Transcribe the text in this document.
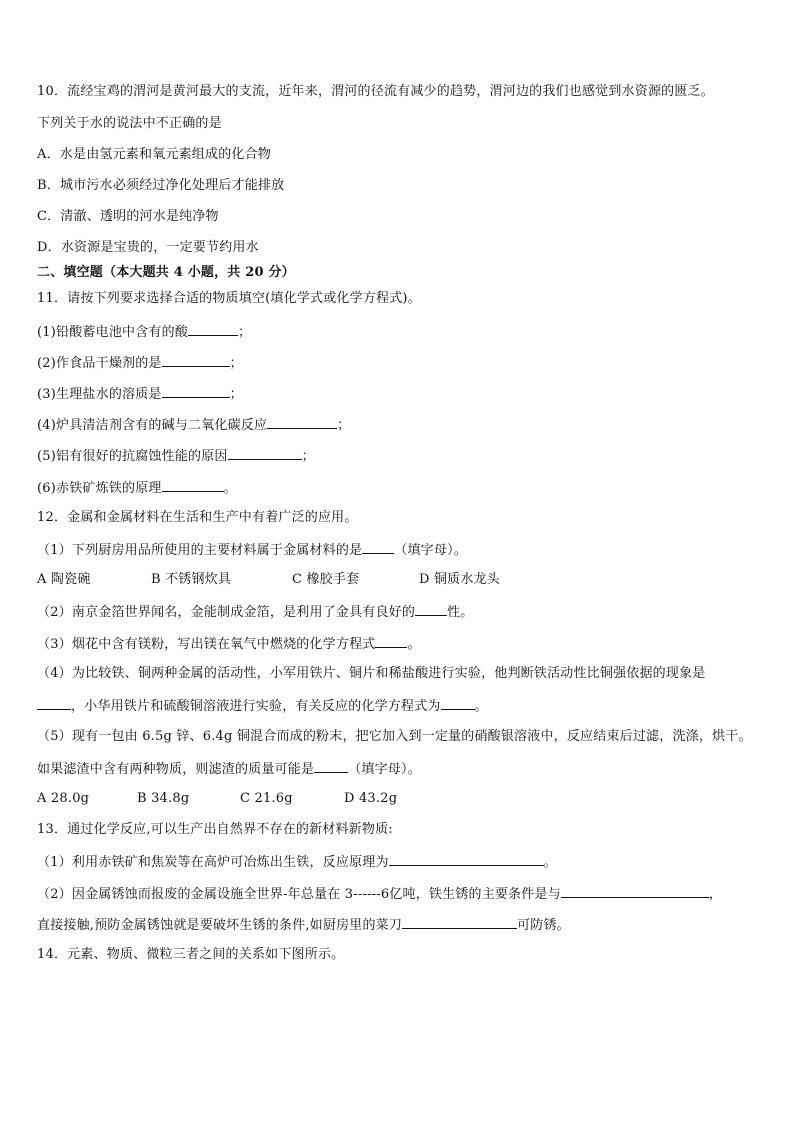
10．流经宝鸡的渭河是黄河最大的支流，近年来，渭河的径流有减少的趋势，渭河边的我们也感觉到水资源的匮乏。
下列关于水的说法中不正确的是
A．水是由氢元素和氧元素组成的化合物
B．城市污水必须经过净化处理后才能排放
C．清澈、透明的河水是纯净物
D．水资源是宝贵的，一定要节约用水
二、填空题（本大题共 4 小题，共 20 分）
11．请按下列要求选择合适的物质填空(填化学式或化学方程式)。
(1)铅酸蓄电池中含有的酸	；
(2)作食品干燥剂的是	；
(3)生理盐水的溶质是	；
(4)炉具清洁剂含有的碱与二氧化碳反应	；
(5)铝有很好的抗腐蚀性能的原因	；
(6)赤铁矿炼铁的原理	。
12．金属和金属材料在生活和生产中有着广泛的应用。
（1）下列厨房用品所使用的主要材料属于金属材料的是 （填字母）。
A 陶瓷碗	B 不锈钢炊具	C 橡胶手套	D 铜质水龙头
（2）南京金箔世界闻名，金能制成金箔，是利用了金具有良好的 性。
（3）烟花中含有镁粉，写出镁在氧气中燃烧的化学方程式 。
（4）为比较铁、铜两种金属的活动性，小军用铁片、铜片和稀盐酸进行实验，他判断铁活动性比铜强依据的现象是
，小华用铁片和硫酸铜溶液进行实验，有关反应的化学方程式为	。
（5）现有一包由 6.5g 锌、6.4g 铜混合而成的粉末，把它加入到一定量的硝酸银溶液中，反应结束后过滤，洗涤，烘干。
如果滤渣中含有两种物质，则滤渣的质量可能是	（填字母）。
A 28.0g	B 34.8g	C 21.6g	D 43.2g
13．通过化学反应,可以生产出自然界不存在的新材料新物质:
（1）利用赤铁矿和焦炭等在高炉可冶炼出生铁，反应原理为	。
（2）因金属锈蚀而报废的金属设施全世界-年总量在 3------6亿吨，铁生锈的主要条件是与	，
直接接触,预防金属锈蚀就是要破坏生锈的条件,如厨房里的菜刀	可防锈。
14．元素、物质、微粒三者之间的关系如下图所示。
